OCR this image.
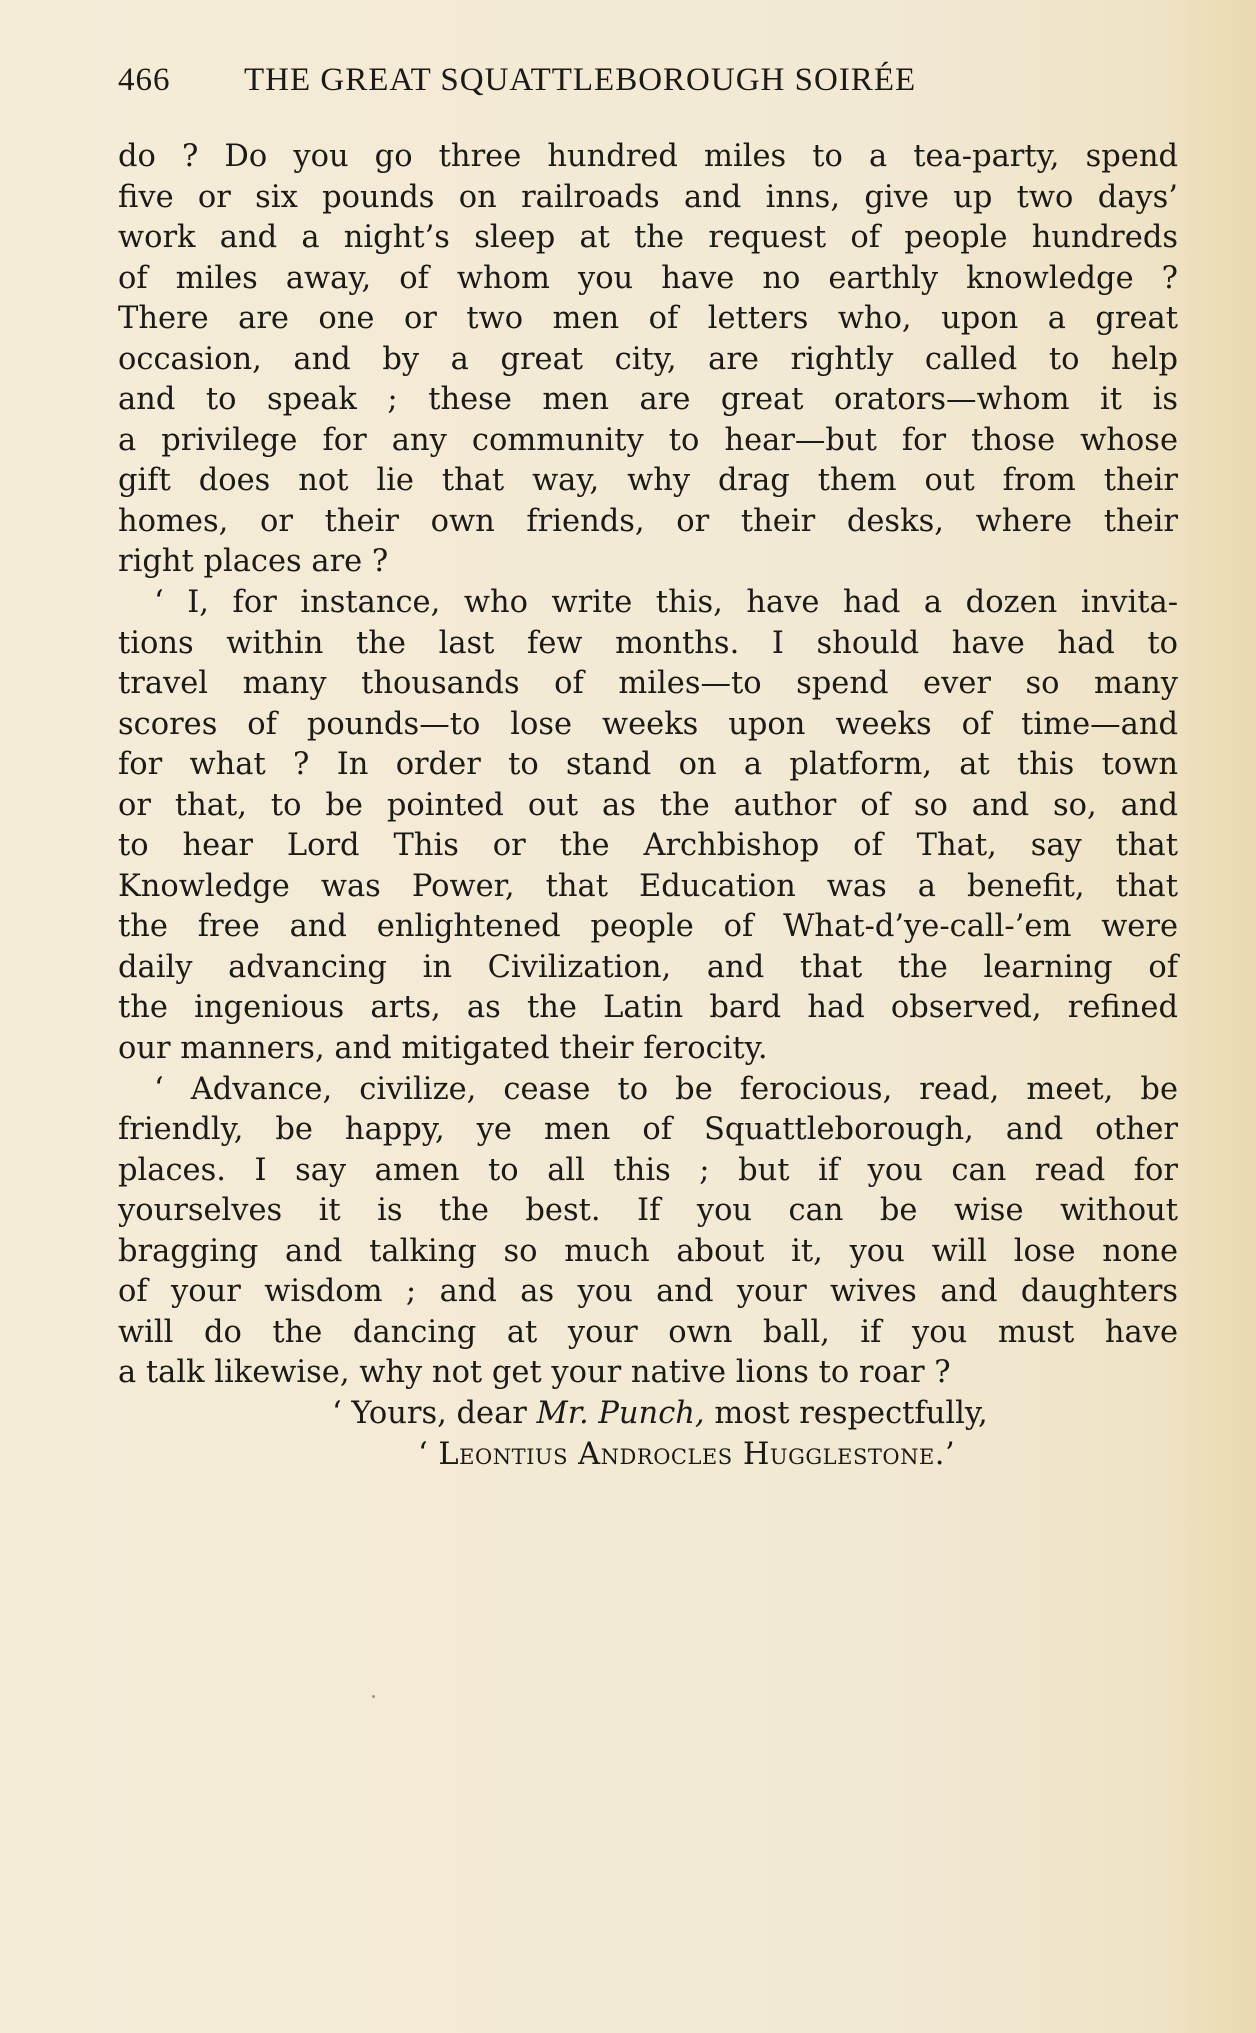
466 THE GREAT SQUATTLEBOROUGH SOIRÉE
do ? Do you go three hundred miles to a tea-party, spend
five or six pounds on railroads and inns, give up two days’
work and a night’s sleep at the request of people hundreds
of miles away, of whom you have no earthly knowledge ?
There are one or two men of letters who, upon a great
occasion, and by a great city, are rightly called to help
and to speak ; these men are great orators—whom it is
a privilege for any community to hear—but for those whose
gift does not lie that way, why drag them out from their
homes, or their own friends, or their desks, where their
right places are ?
‘ I, for instance, who write this, have had a dozen invita-
tions within the last few months. I should have had to
travel many thousands of miles—to spend ever so many
scores of pounds—to lose weeks upon weeks of time—and
for what ? In order to stand on a platform, at this town
or that, to be pointed out as the author of so and so, and
to hear Lord This or the Archbishop of That, say that
Knowledge was Power, that Education was a benefit, that
the free and enlightened people of What-d’ye-call-’em were
daily advancing in Civilization, and that the learning of
the ingenious arts, as the Latin bard had observed, refined
our manners, and mitigated their ferocity.
‘ Advance, civilize, cease to be ferocious, read, meet, be
friendly, be happy, ye men of Squattleborough, and other
places. I say amen to all this ; but if you can read for
yourselves it is the best. If you can be wise without
bragging and talking so much about it, you will lose none
of your wisdom ; and as you and your wives and daughters
will do the dancing at your own ball, if you must have
a talk likewise, why not get your native lions to roar ?
‘ Yours, dear Mr. Punch, most respectfully,
‘ Leontius Androcles Hugglestone.’
